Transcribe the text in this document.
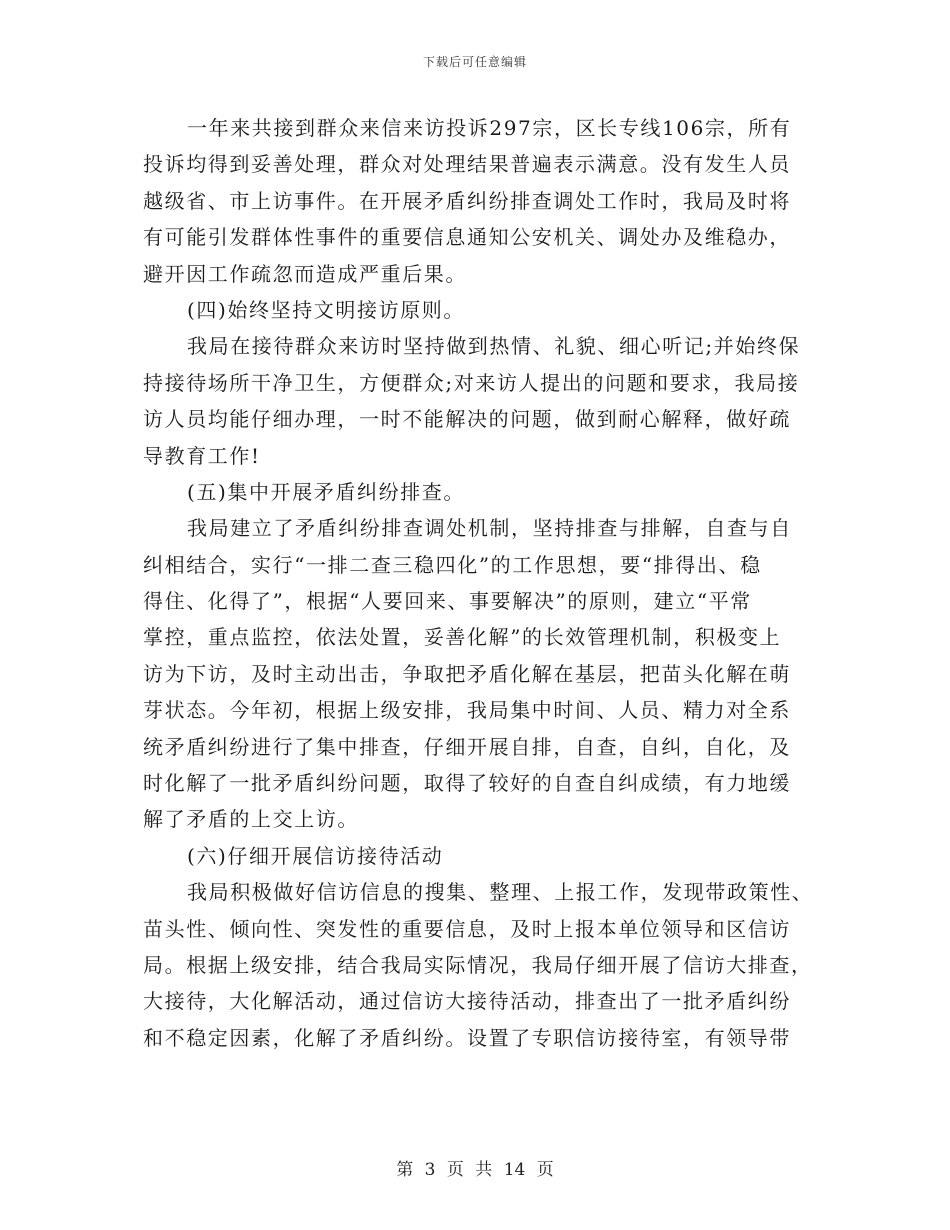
下载后可任意编辑
一年来共接到群众来信来访投诉297宗，区长专线106宗，所有
投诉均得到妥善处理，群众对处理结果普遍表示满意。没有发生人员
越级省、市上访事件。在开展矛盾纠纷排查调处工作时，我局及时将
有可能引发群体性事件的重要信息通知公安机关、调处办及维稳办，
避开因工作疏忽而造成严重后果。
(四)始终坚持文明接访原则。
我局在接待群众来访时坚持做到热情、礼貌、细心听记;并始终保
持接待场所干净卫生，方便群众;对来访人提出的问题和要求，我局接
访人员均能仔细办理，一时不能解决的问题，做到耐心解释，做好疏
导教育工作!
(五)集中开展矛盾纠纷排查。
我局建立了矛盾纠纷排查调处机制，坚持排查与排解，自查与自
纠相结合，实行“一排二查三稳四化”的工作思想，要“排得出、稳
得住、化得了”，根据“人要回来、事要解决”的原则，建立“平常
掌控，重点监控，依法处置，妥善化解”的长效管理机制，积极变上
访为下访，及时主动出击，争取把矛盾化解在基层，把苗头化解在萌
芽状态。今年初，根据上级安排，我局集中时间、人员、精力对全系
统矛盾纠纷进行了集中排查，仔细开展自排，自查，自纠，自化，及
时化解了一批矛盾纠纷问题，取得了较好的自查自纠成绩，有力地缓
解了矛盾的上交上访。
(六)仔细开展信访接待活动
我局积极做好信访信息的搜集、整理、上报工作，发现带政策性、
苗头性、倾向性、突发性的重要信息，及时上报本单位领导和区信访
局。根据上级安排，结合我局实际情况，我局仔细开展了信访大排查，
大接待，大化解活动，通过信访大接待活动，排查出了一批矛盾纠纷
和不稳定因素，化解了矛盾纠纷。设置了专职信访接待室，有领导带
第 3 页 共 14 页
